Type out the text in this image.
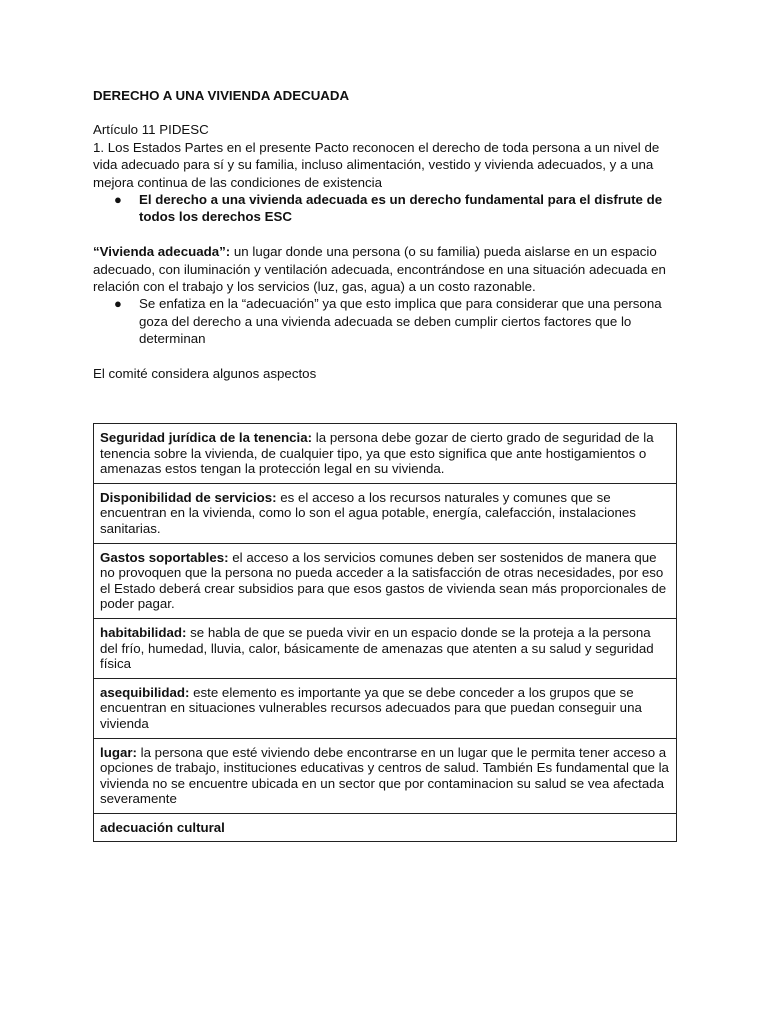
DERECHO A UNA VIVIENDA ADECUADA

Artículo 11 PIDESC

1. Los Estados Partes en el presente Pacto reconocen el derecho de toda persona a un nivel de vida adecuado para sí y su familia, incluso alimentación, vestido y vivienda adecuados, y a una mejora continua de las condiciones de existencia

● El derecho a una vivienda adecuada es un derecho fundamental para el disfrute de todos los derechos ESC

“Vivienda adecuada”: un lugar donde una persona (o su familia) pueda aislarse en un espacio adecuado, con iluminación y ventilación adecuada, encontrándose en una situación adecuada en relación con el trabajo y los servicios (luz, gas, agua) a un costo razonable.

● Se enfatiza en la “adecuación” ya que esto implica que para considerar que una persona goza del derecho a una vivienda adecuada se deben cumplir ciertos factores que lo determinan

El comité considera algunos aspectos

Seguridad jurídica de la tenencia: la persona debe gozar de cierto grado de seguridad de la tenencia sobre la vivienda, de cualquier tipo, ya que esto significa que ante hostigamientos o amenazas estos tengan la protección legal en su vivienda.
Disponibilidad de servicios: es el acceso a los recursos naturales y comunes que se encuentran en la vivienda, como lo son el agua potable, energía, calefacción, instalaciones sanitarias.
Gastos soportables: el acceso a los servicios comunes deben ser sostenidos de manera que no provoquen que la persona no pueda acceder a la satisfacción de otras necesidades, por eso el Estado deberá crear subsidios para que esos gastos de vivienda sean más proporcionales de poder pagar.
habitabilidad: se habla de que se pueda vivir en un espacio donde se la proteja a la persona del frío, humedad, lluvia, calor, básicamente de amenazas que atenten a su salud y seguridad física
asequibilidad: este elemento es importante ya que se debe conceder a los grupos que se encuentran en situaciones vulnerables recursos adecuados para que puedan conseguir una vivienda
lugar: la persona que esté viviendo debe encontrarse en un lugar que le permita tener acceso a opciones de trabajo, instituciones educativas y centros de salud. También Es fundamental que la vivienda no se encuentre ubicada en un sector que por contaminacion su salud se vea afectada severamente
adecuación cultural
